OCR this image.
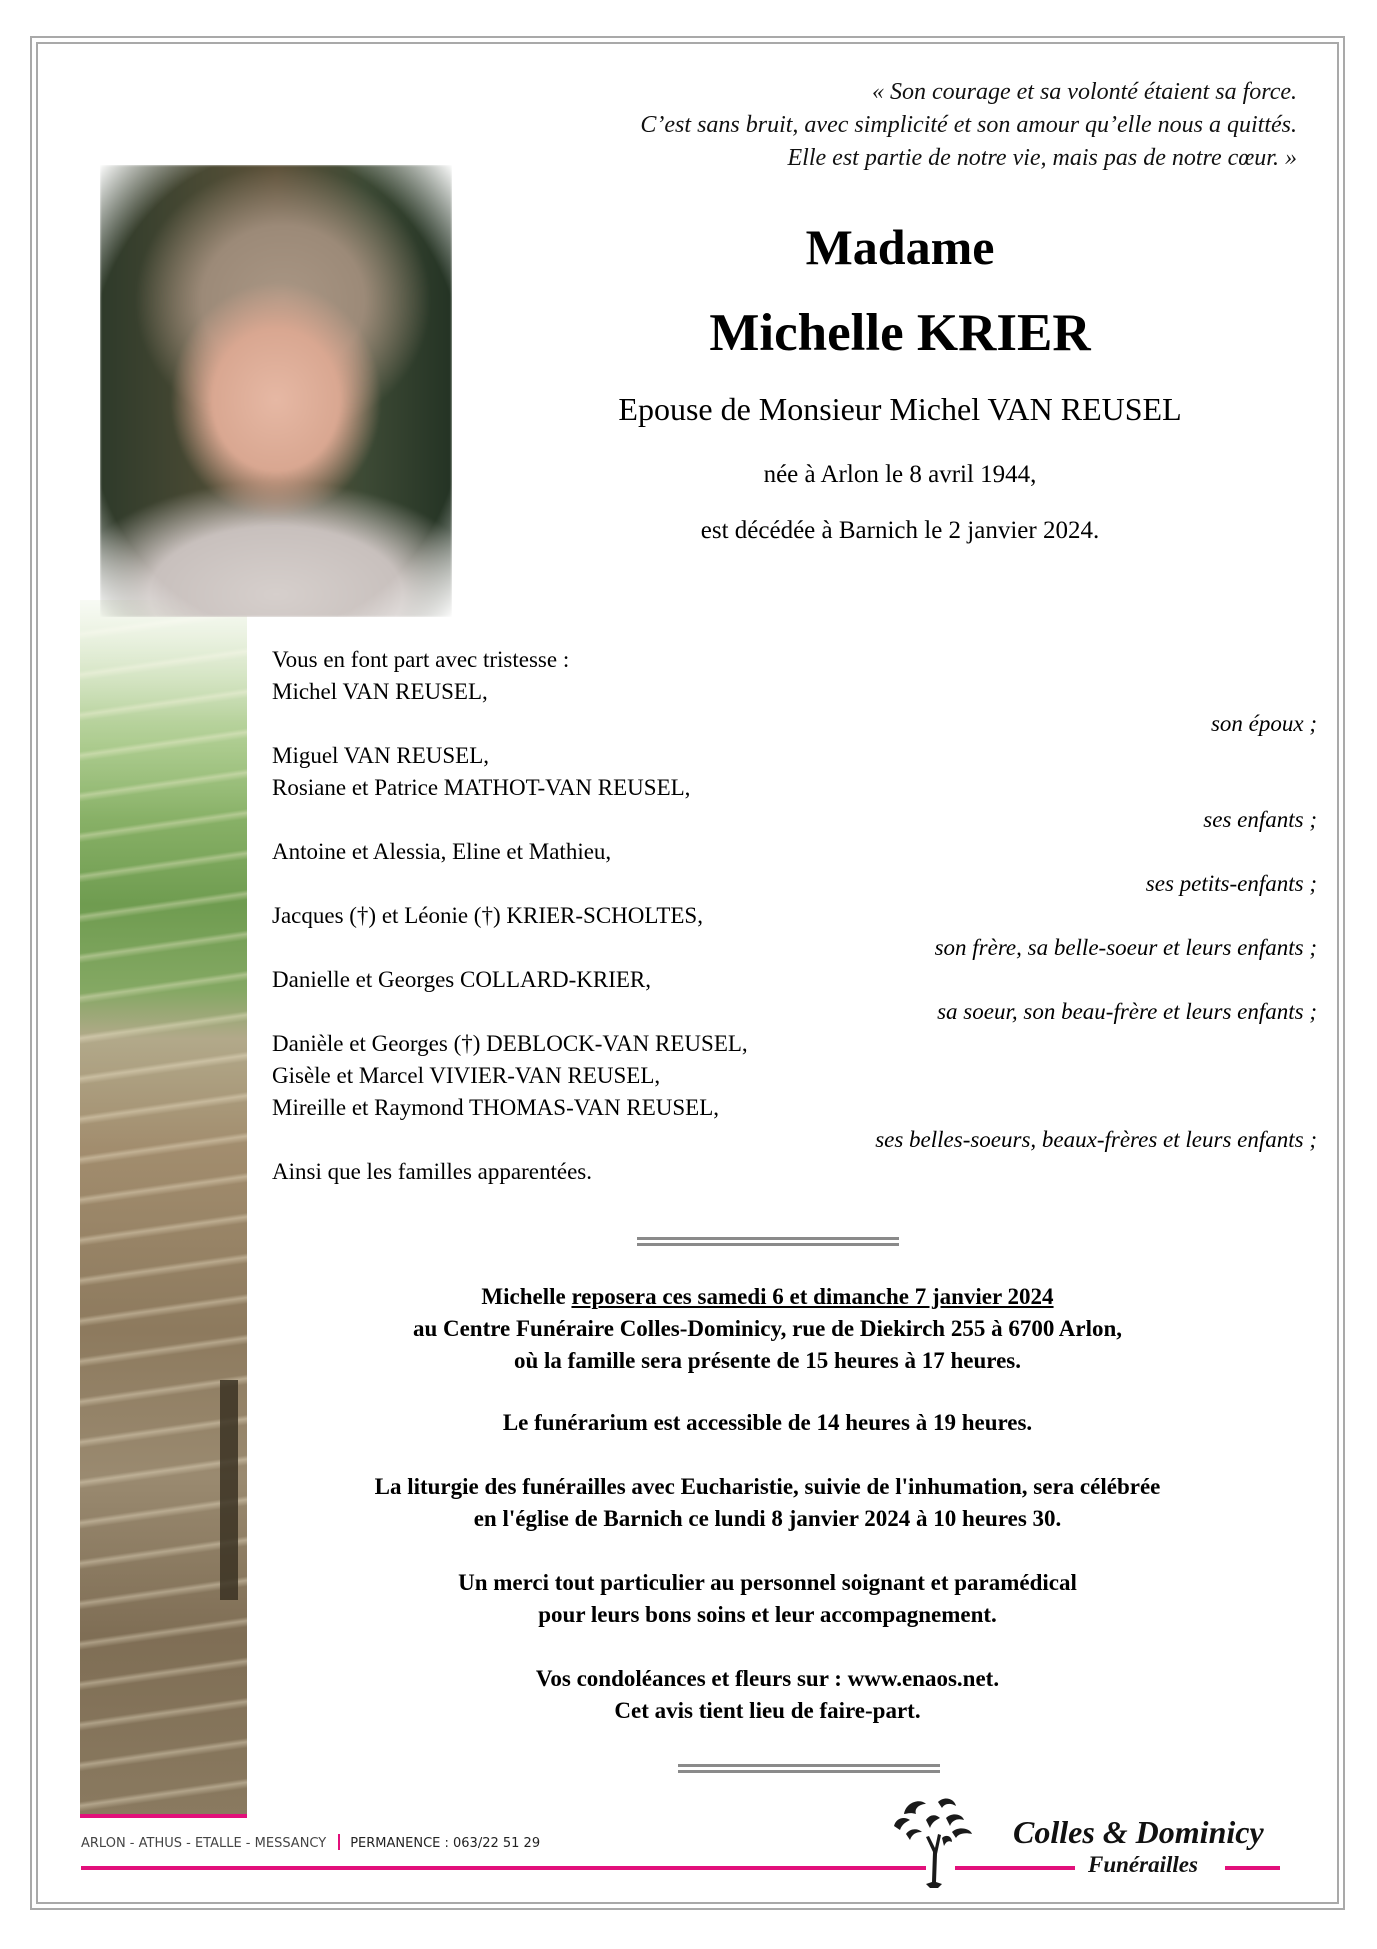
« Son courage et sa volonté étaient sa force.
C’est sans bruit, avec simplicité et son amour qu’elle nous a quittés.
Elle est partie de notre vie, mais pas de notre cœur. »
Madame
Michelle KRIER
Epouse de Monsieur Michel VAN REUSEL
née à Arlon le 8 avril 1944,
est décédée à Barnich le 2 janvier 2024.
Vous en font part avec tristesse :
Michel VAN REUSEL,
son époux ;
Miguel VAN REUSEL,
Rosiane et Patrice MATHOT-VAN REUSEL,
ses enfants ;
Antoine et Alessia, Eline et Mathieu,
ses petits-enfants ;
Jacques (†) et Léonie (†) KRIER-SCHOLTES,
son frère, sa belle-soeur et leurs enfants ;
Danielle et Georges COLLARD-KRIER,
sa soeur, son beau-frère et leurs enfants ;
Danièle et Georges (†) DEBLOCK-VAN REUSEL,
Gisèle et Marcel VIVIER-VAN REUSEL,
Mireille et Raymond THOMAS-VAN REUSEL,
ses belles-soeurs, beaux-frères et leurs enfants ;
Ainsi que les familles apparentées.
Michelle reposera ces samedi 6 et dimanche 7 janvier 2024
au Centre Funéraire Colles-Dominicy, rue de Diekirch 255 à 6700 Arlon,
où la famille sera présente de 15 heures à 17 heures.
Le funérarium est accessible de 14 heures à 19 heures.
La liturgie des funérailles avec Eucharistie, suivie de l'inhumation, sera célébrée
en l'église de Barnich ce lundi 8 janvier 2024 à 10 heures 30.
Un merci tout particulier au personnel soignant et paramédical
pour leurs bons soins et leur accompagnement.
Vos condoléances et fleurs sur : www.enaos.net.
Cet avis tient lieu de faire-part.
ARLON - ATHUS - ETALLE - MESSANCY PERMANENCE : 063/22 51 29	Colles & Dominicy
Funérailles
